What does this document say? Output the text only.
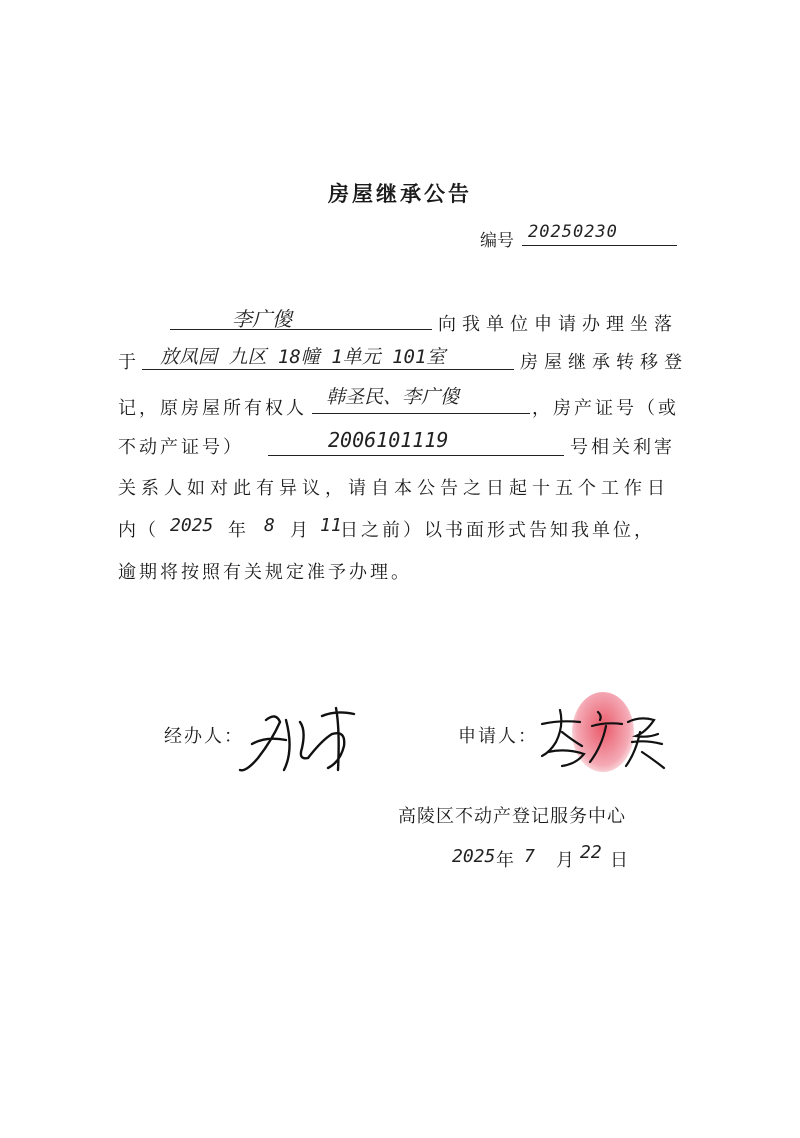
房屋继承公告
编号 20250230
李广傻	向我单位申请办理坐落
于 放凤园 九区 18幢 1单元 101室	房屋继承转移登
记，原房屋所有权人
韩圣民、李广傻
，房产证号（或
不动产证号）	2006101119	号相关利害
关系人如对此有异议，请自本公告之日起十五个工作日
内（ 2025 年 8 月 11
日之前）以书面形式告知我单位，
逾期将按照有关规定准予办理。
经办人：	申请人：
高陵区不动产登记服务中心
2025 年 7 月 22 日
